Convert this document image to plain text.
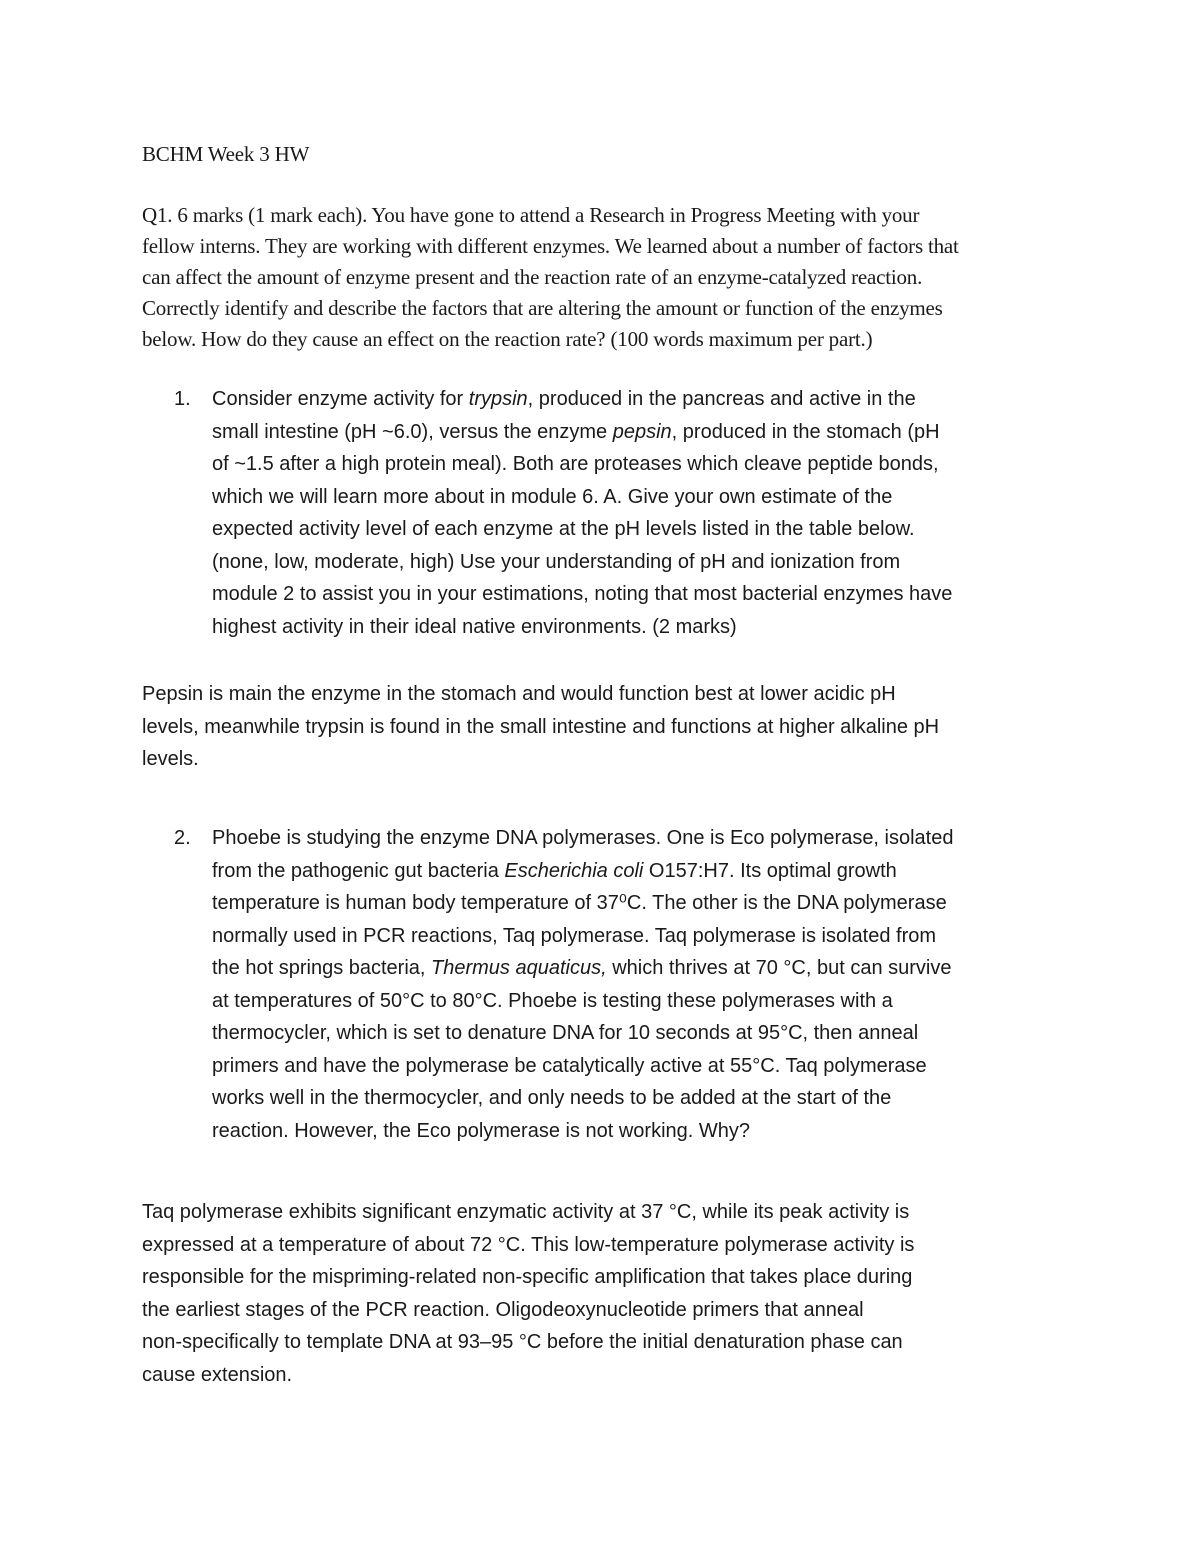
BCHM Week 3 HW

Q1. 6 marks (1 mark each). You have gone to attend a Research in Progress Meeting with your
fellow interns. They are working with different enzymes. We learned about a number of factors that
can affect the amount of enzyme present and the reaction rate of an enzyme-catalyzed reaction.
Correctly identify and describe the factors that are altering the amount or function of the enzymes
below. How do they cause an effect on the reaction rate? (100 words maximum per part.)

1. Consider enzyme activity for trypsin, produced in the pancreas and active in the
small intestine (pH ~6.0), versus the enzyme pepsin, produced in the stomach (pH
of ~1.5 after a high protein meal). Both are proteases which cleave peptide bonds,
which we will learn more about in module 6. A. Give your own estimate of the
expected activity level of each enzyme at the pH levels listed in the table below.
(none, low, moderate, high) Use your understanding of pH and ionization from
module 2 to assist you in your estimations, noting that most bacterial enzymes have
highest activity in their ideal native environments. (2 marks)

Pepsin is main the enzyme in the stomach and would function best at lower acidic pH
levels, meanwhile trypsin is found in the small intestine and functions at higher alkaline pH
levels.

2. Phoebe is studying the enzyme DNA polymerases. One is Eco polymerase, isolated
from the pathogenic gut bacteria Escherichia coli O157:H7. Its optimal growth
temperature is human body temperature of 37⁰C. The other is the DNA polymerase
normally used in PCR reactions, Taq polymerase. Taq polymerase is isolated from
the hot springs bacteria, Thermus aquaticus, which thrives at 70 °C, but can survive
at temperatures of 50°C to 80°C. Phoebe is testing these polymerases with a
thermocycler, which is set to denature DNA for 10 seconds at 95°C, then anneal
primers and have the polymerase be catalytically active at 55°C. Taq polymerase
works well in the thermocycler, and only needs to be added at the start of the
reaction. However, the Eco polymerase is not working. Why?

Taq polymerase exhibits significant enzymatic activity at 37 °C, while its peak activity is
expressed at a temperature of about 72 °C. This low-temperature polymerase activity is
responsible for the mispriming-related non-specific amplification that takes place during
the earliest stages of the PCR reaction. Oligodeoxynucleotide primers that anneal
non-specifically to template DNA at 93–95 °C before the initial denaturation phase can
cause extension.
